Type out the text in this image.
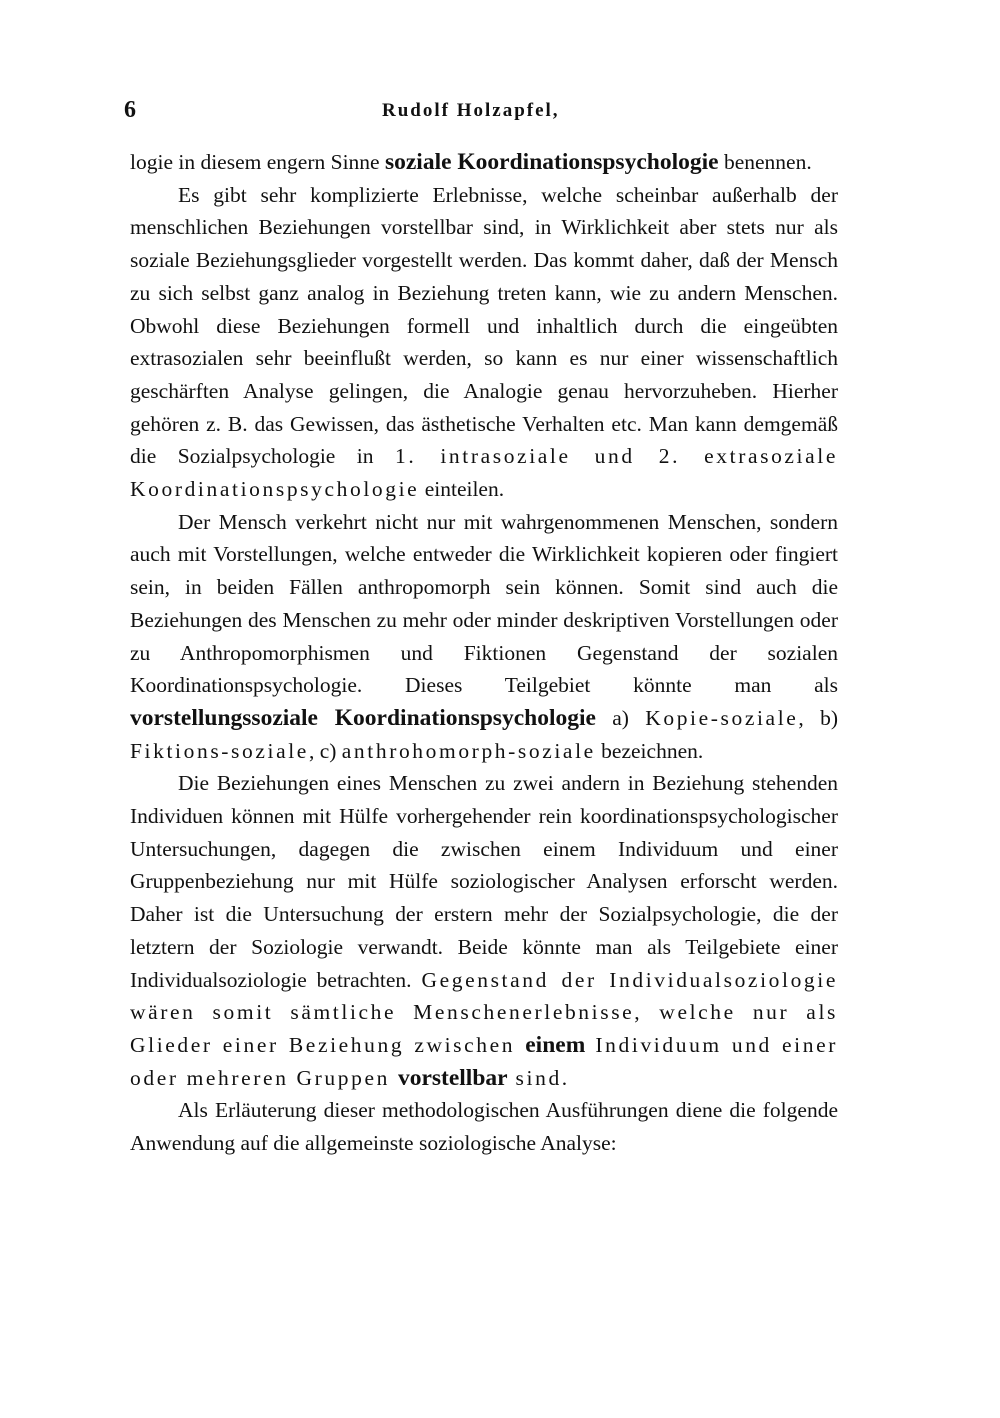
6	Rudolf Holzapfel,

logie in diesem engern Sinne soziale Koordinationspsychologie benennen.

Es gibt sehr komplizierte Erlebnisse, welche scheinbar außerhalb der menschlichen Beziehungen vorstellbar sind, in Wirklichkeit aber stets nur als soziale Beziehungsglieder vorgestellt werden. Das kommt daher, daß der Mensch zu sich selbst ganz analog in Beziehung treten kann, wie zu andern Menschen. Obwohl diese Beziehungen formell und inhaltlich durch die eingeübten extrasozialen sehr beeinflußt werden, so kann es nur einer wissenschaftlich geschärften Analyse gelingen, die Analogie genau hervorzuheben. Hierher gehören z. B. das Gewissen, das ästhetische Verhalten etc. Man kann demgemäß die Sozialpsychologie in 1. intrasoziale und 2. extrasoziale Koordinationspsychologie einteilen.

Der Mensch verkehrt nicht nur mit wahrgenommenen Menschen, sondern auch mit Vorstellungen, welche entweder die Wirklichkeit kopieren oder fingiert sein, in beiden Fällen anthropomorph sein können. Somit sind auch die Beziehungen des Menschen zu mehr oder minder deskriptiven Vorstellungen oder zu Anthropomorphismen und Fiktionen Gegenstand der sozialen Koordinationspsychologie. Dieses Teilgebiet könnte man als vorstellungssoziale Koordinationspsychologie a) Kopie-soziale, b) Fiktions-soziale, c) anthrohomorph-soziale bezeichnen.

Die Beziehungen eines Menschen zu zwei andern in Beziehung stehenden Individuen können mit Hülfe vorhergehender rein koordinationspsychologischer Untersuchungen, dagegen die zwischen einem Individuum und einer Gruppenbeziehung nur mit Hülfe soziologischer Analysen erforscht werden. Daher ist die Untersuchung der erstern mehr der Sozialpsychologie, die der letztern der Soziologie verwandt. Beide könnte man als Teilgebiete einer Individualsoziologie betrachten. Gegenstand der Individualsoziologie wären somit sämtliche Menschenerlebnisse, welche nur als Glieder einer Beziehung zwischen einem Individuum und einer oder mehreren Gruppen vorstellbar sind.

Als Erläuterung dieser methodologischen Ausführungen diene die folgende Anwendung auf die allgemeinste soziologische Analyse:
